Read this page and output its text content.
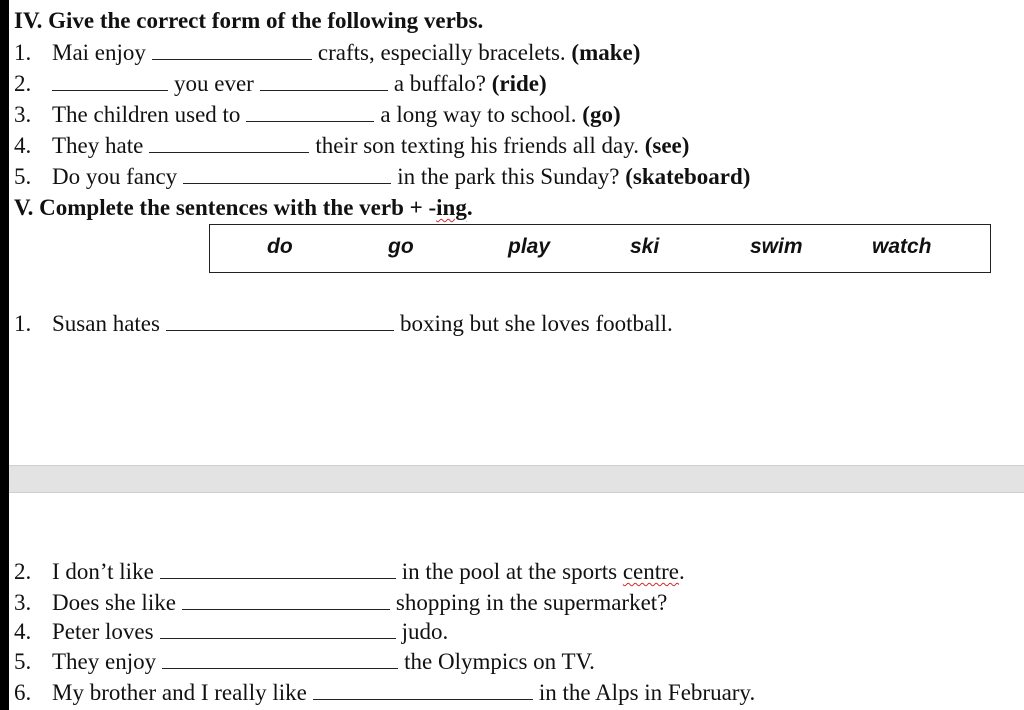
IV. Give the correct form of the following verbs.
1. Mai enjoy	crafts, especially bracelets. (make)
2.	you ever	a buffalo? (ride)
3. The children used to	a long way to school. (go)
4. They hate	their son texting his friends all day. (see)
5. Do you fancy	in the park this Sunday? (skateboard)
V. Complete the sentences with the verb + -ing.
do	go	play	ski	swim	watch
1. Susan hates	boxing but she loves football.
2. I don’t like	in the pool at the sports centre.
3. Does she like	shopping in the supermarket?
4. Peter loves	judo.
5. They enjoy	the Olympics on TV.
6. My brother and I really like	in the Alps in February.
